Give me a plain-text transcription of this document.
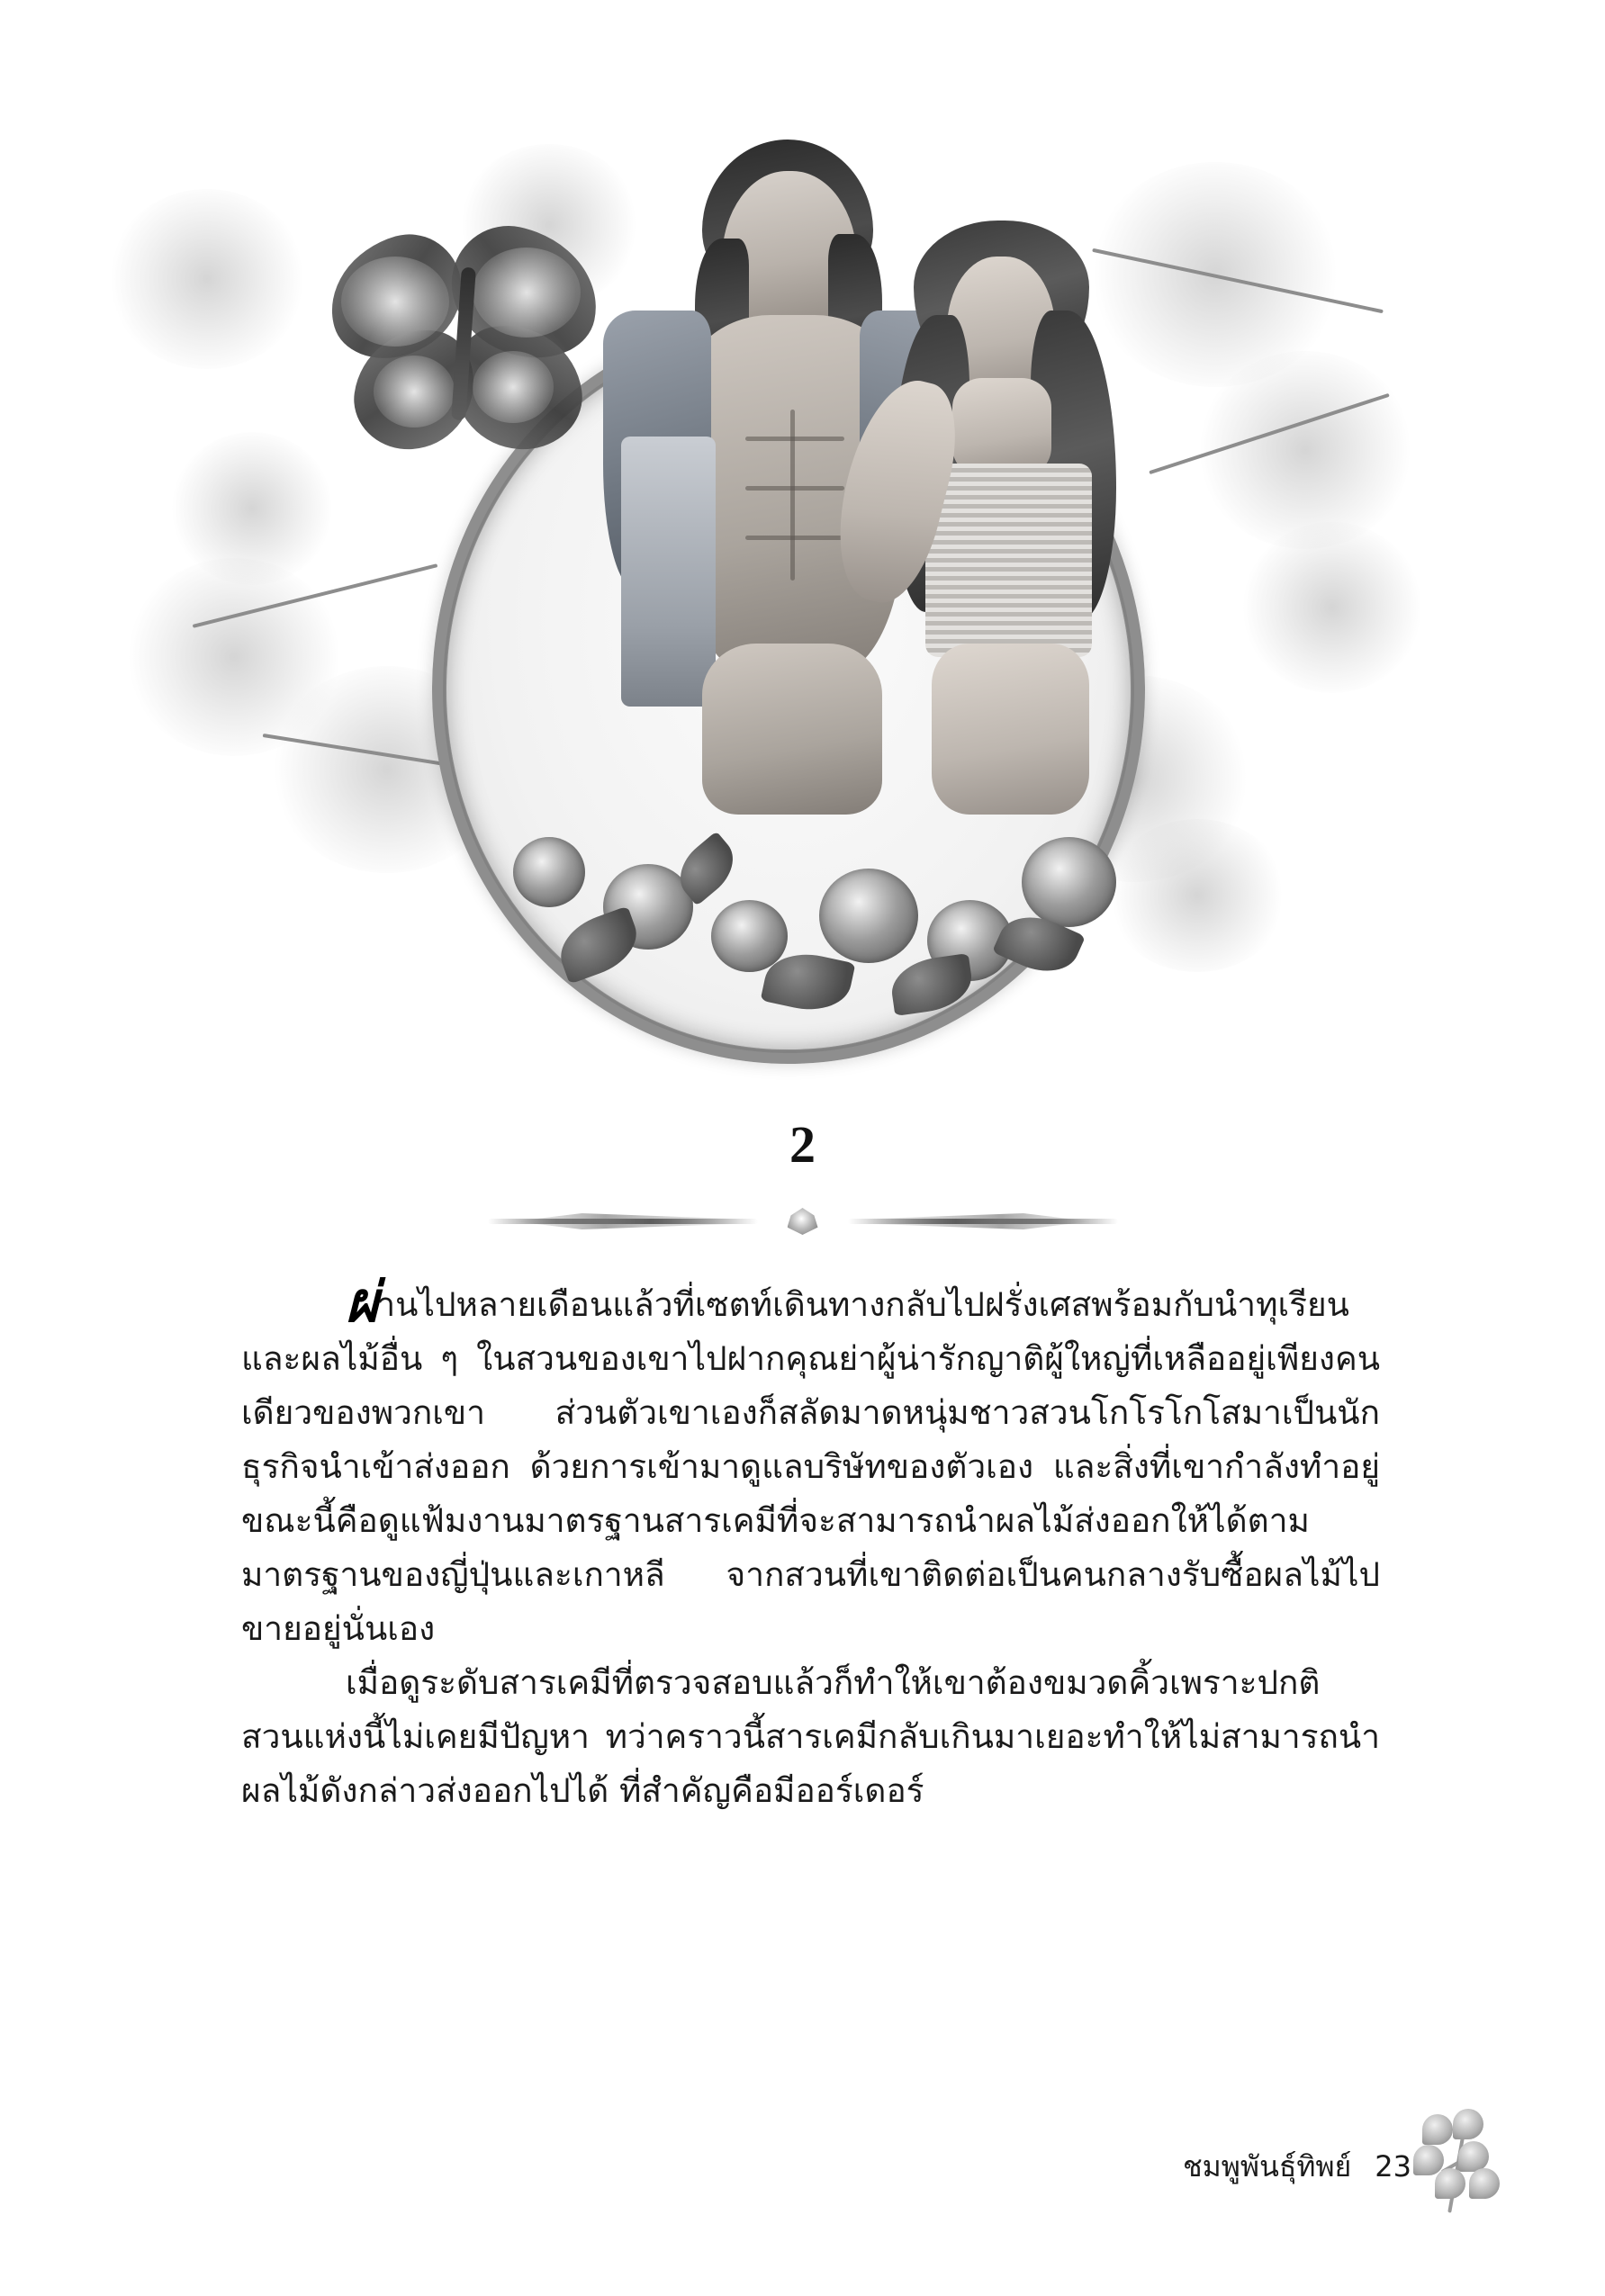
2

ผ่านไปหลายเดือนแล้วที่เซตท์เดินทางกลับไปฝรั่งเศสพร้อมกับนำทุเรียนและผลไม้อื่น ๆ ในสวนของเขาไปฝากคุณย่าผู้น่ารักญาติผู้ใหญ่ที่เหลืออยู่เพียงคนเดียวของพวกเขา ส่วนตัวเขาเองก็สลัดมาดหนุ่มชาวสวนโกโรโกโสมาเป็นนักธุรกิจนำเข้าส่งออก ด้วยการเข้ามาดูแลบริษัทของตัวเอง และสิ่งที่เขากำลังทำอยู่ขณะนี้คือดูแฟ้มงานมาตรฐานสารเคมีที่จะสามารถนำผลไม้ส่งออกให้ได้ตามมาตรฐานของญี่ปุ่นและเกาหลี จากสวนที่เขาติดต่อเป็นคนกลางรับซื้อผลไม้ไปขายอยู่นั่นเอง

เมื่อดูระดับสารเคมีที่ตรวจสอบแล้วก็ทำให้เขาต้องขมวดคิ้วเพราะปกติสวนแห่งนี้ไม่เคยมีปัญหา ทว่าคราวนี้สารเคมีกลับเกินมาเยอะทำให้ไม่สามารถนำผลไม้ดังกล่าวส่งออกไปได้ ที่สำคัญคือมีออร์เดอร์

ชมพูพันธุ์ทิพย์ 23
